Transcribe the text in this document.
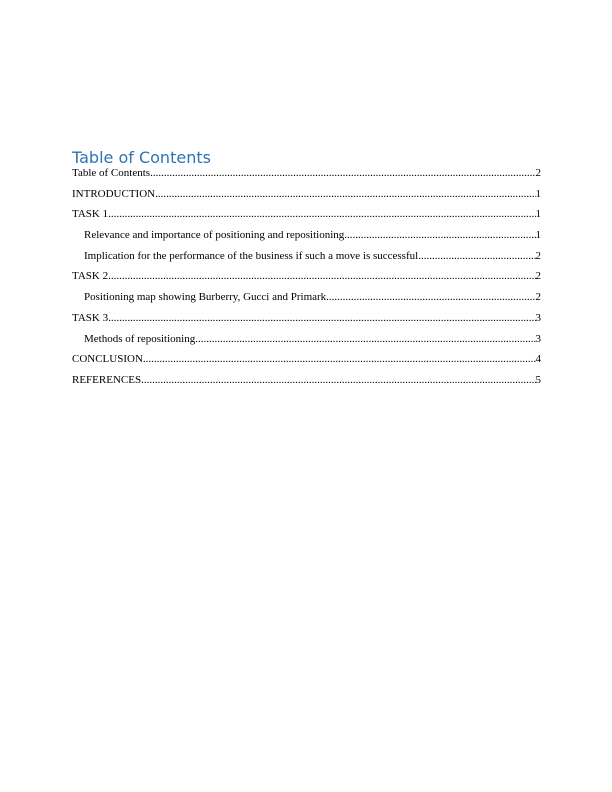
Table of Contents
Table of Contents .....	2
INTRODUCTION .....	1
TASK 1 .....	1
Relevance and importance of positioning and repositioning .....	1
Implication for the performance of the business if such a move is successful .....	2
TASK 2 .....	2
Positioning map showing Burberry, Gucci and Primark .....	2
TASK 3 .....	3
Methods of repositioning .....	3
CONCLUSION .....	4
REFERENCES .....	5
